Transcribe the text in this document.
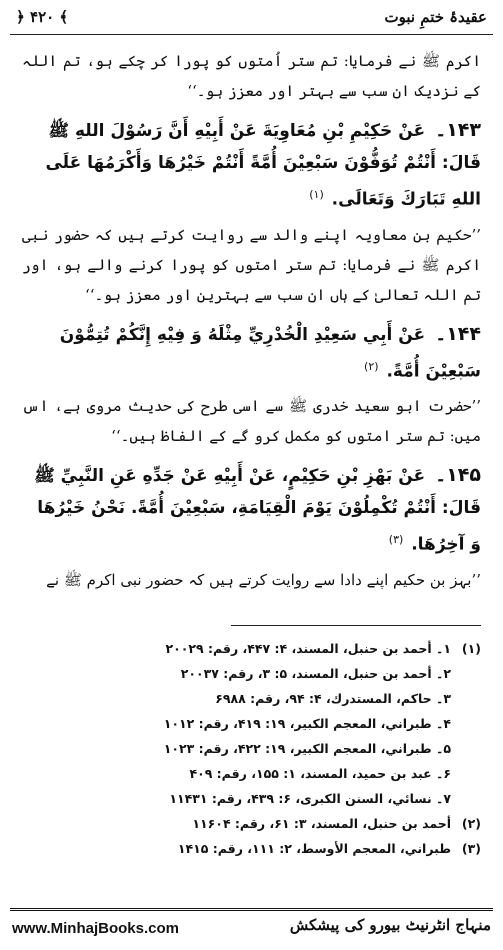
﴿ ۴۲۰ ﴾	عقیدۂ ختمِ نبوت

اکرم ﷺ نے فرمایا: تم ستر اُمتوں کو پورا کر چکے ہو، تم اللہ کے نزدیک ان سب سے بہتر اور معزز ہو۔‘‘

۱۴۳۔ عَنْ حَكِيْمِ بْنِ مُعَاوِيَةَ عَنْ أَبِيْهِ أَنَّ رَسُوْلَ اللهِ ﷺ قَالَ: أَنْتُمْ تُوَفُّوْنَ سَبْعِيْنَ أُمَّةً أَنْتُمْ خَيْرُهَا وَأَكْرَمُهَا عَلَى اللهِ تَبَارَكَ وَتَعَالَى. $^{(۱)}$

’’حکیم بن معاویہ اپنے والد سے روایت کرتے ہیں کہ حضور نبی اکرم ﷺ نے فرمایا: تم ستر امتوں کو پورا کرنے والے ہو، اور تم اللہ تعالیٰ کے ہاں ان سب سے بہترین اور معزز ہو۔‘‘

۱۴۴۔ عَنْ أَبِي سَعِيْدِ الْخُدْرِيِّ مِثْلَهُ وَ فِيْهِ إِنَّكُمْ تُتِمُّوْنَ سَبْعِيْنَ أُمَّةً. $^{(۲)}$

’’حضرت ابو سعید خدری ﷺ سے اسی طرح کی حدیث مروی ہے، اس میں: تم ستر امتوں کو مکمل کرو گے کے الفاظ ہیں۔‘‘

۱۴۵۔ عَنْ بَهْزِ بْنِ حَكِيْمٍ، عَنْ أَبِيْهِ عَنْ جَدِّهِ عَنِ النَّبِيِّ ﷺ قَالَ: أَنْتُمْ تُكْمِلُوْنَ يَوْمَ الْقِيَامَةِ، سَبْعِيْنَ أُمَّةً. نَحْنُ خَيْرُهَا وَ آخِرُهَا. $^{(۳)}$

’’بہز بن حکیم اپنے دادا سے روایت کرتے ہیں کہ حضور نبی اکرم ﷺ نے

(۱)۱۔ أحمد بن حنبل، المسند، ۴: ۴۴۷، رقم: ۲۰۰۲۹
۲۔ أحمد بن حنبل، المسند، ۵: ۳، رقم: ۲۰۰۳۷
۳۔ حاكم، المستدرك، ۴: ۹۴، رقم: ۶۹۸۸
۴۔ طبراني، المعجم الكبير، ۱۹: ۴۱۹، رقم: ۱۰۱۲
۵۔ طبراني، المعجم الكبير، ۱۹: ۴۲۲، رقم: ۱۰۲۳
۶۔ عبد بن حميد، المسند، ۱: ۱۵۵، رقم: ۴۰۹
۷۔ نسائي، السنن الكبرى، ۶: ۴۳۹، رقم: ۱۱۴۳۱
(۲)أحمد بن حنبل، المسند، ۳: ۶۱، رقم: ۱۱۶۰۴
(۳)طبراني، المعجم الأوسط، ۲: ۱۱۱، رقم: ۱۴۱۵
www.MinhajBooks.com	منہاج انٹرنیٹ بیورو کی پیشکش
